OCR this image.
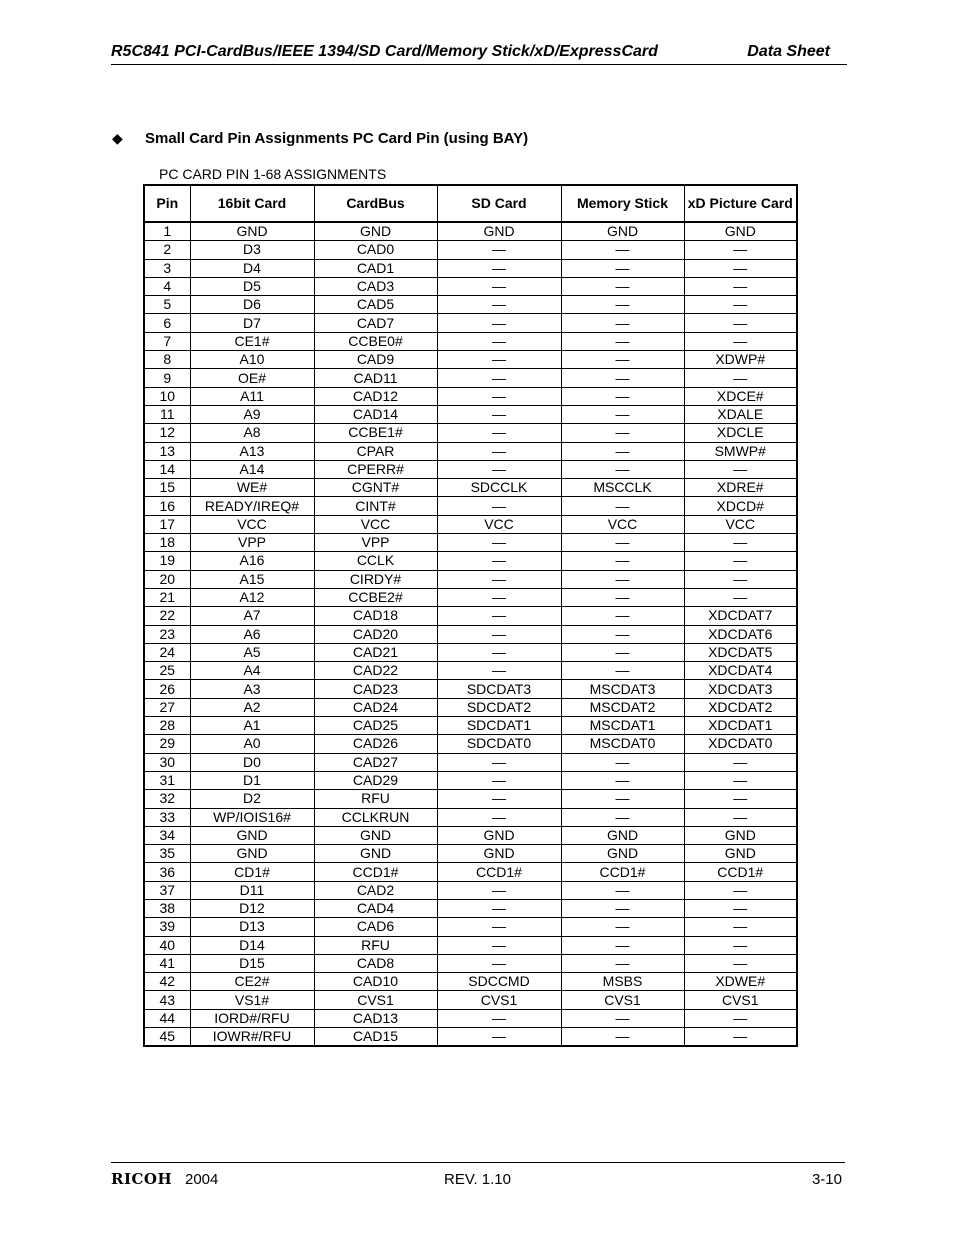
R5C841 PCI-CardBus/IEEE 1394/SD Card/Memory Stick/xD/ExpressCard	Data Sheet
◆ Small Card Pin Assignments PC Card Pin (using BAY)
PC CARD PIN 1-68 ASSIGNMENTS
Pin	16bit Card	CardBus	SD Card	Memory Stick	xD Picture Card
1	GND	GND	GND	GND	GND
2	D3	CAD0	—	—	—
3	D4	CAD1	—	—	—
4	D5	CAD3	—	—	—
5	D6	CAD5	—	—	—
6	D7	CAD7	—	—	—
7	CE1#	CCBE0#	—	—	—
8	A10	CAD9	—	—	XDWP#
9	OE#	CAD11	—	—	—
10	A11	CAD12	—	—	XDCE#
11	A9	CAD14	—	—	XDALE
12	A8	CCBE1#	—	—	XDCLE
13	A13	CPAR	—	—	SMWP#
14	A14	CPERR#	—	—	—
15	WE#	CGNT#	SDCCLK	MSCCLK	XDRE#
16	READY/IREQ#	CINT#	—	—	XDCD#
17	VCC	VCC	VCC	VCC	VCC
18	VPP	VPP	—	—	—
19	A16	CCLK	—	—	—
20	A15	CIRDY#	—	—	—
21	A12	CCBE2#	—	—	—
22	A7	CAD18	—	—	XDCDAT7
23	A6	CAD20	—	—	XDCDAT6
24	A5	CAD21	—	—	XDCDAT5
25	A4	CAD22	—	—	XDCDAT4
26	A3	CAD23	SDCDAT3	MSCDAT3	XDCDAT3
27	A2	CAD24	SDCDAT2	MSCDAT2	XDCDAT2
28	A1	CAD25	SDCDAT1	MSCDAT1	XDCDAT1
29	A0	CAD26	SDCDAT0	MSCDAT0	XDCDAT0
30	D0	CAD27	—	—	—
31	D1	CAD29	—	—	—
32	D2	RFU	—	—	—
33	WP/IOIS16#	CCLKRUN	—	—	—
34	GND	GND	GND	GND	GND
35	GND	GND	GND	GND	GND
36	CD1#	CCD1#	CCD1#	CCD1#	CCD1#
37	D11	CAD2	—	—	—
38	D12	CAD4	—	—	—
39	D13	CAD6	—	—	—
40	D14	RFU	—	—	—
41	D15	CAD8	—	—	—
42	CE2#	CAD10	SDCCMD	MSBS	XDWE#
43	VS1#	CVS1	CVS1	CVS1	CVS1
44	IORD#/RFU	CAD13	—	—	—
45	IOWR#/RFU	CAD15	—	—	—
RICOH 2004	REV. 1.10	3-10
